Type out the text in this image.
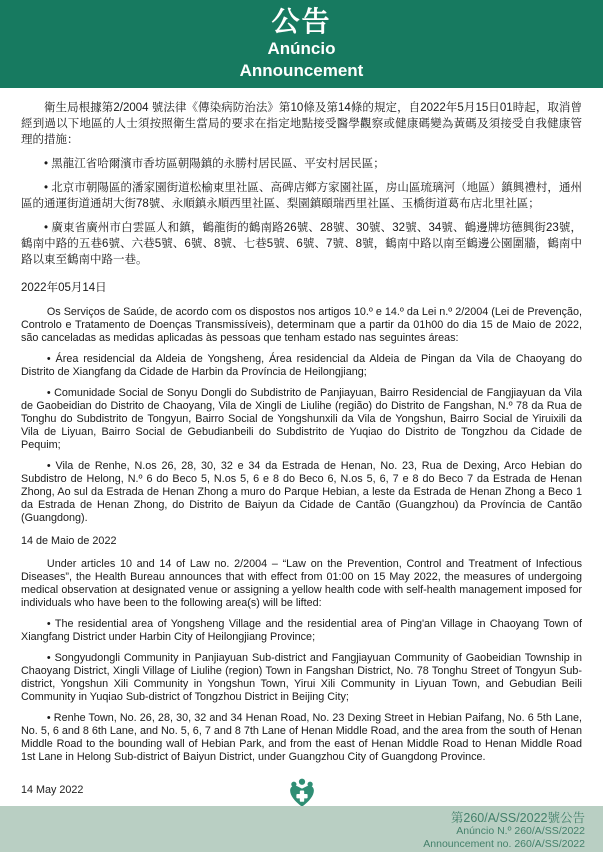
公告
Anúncio
Announcement

衛生局根據第2/2004 號法律《傳染病防治法》第10條及第14條的規定，自2022年5月15日01時起，取消曾經到過以下地區的人士須按照衛生當局的要求在指定地點接受醫學觀察或健康碼變為黃碼及須接受自我健康管理的措施：

• 黑龍江省哈爾濱市香坊區朝陽鎮的永勝村居民區、平安村居民區；

• 北京市朝陽區的潘家園街道松榆東里社區、高碑店鄉方家園社區，房山區琉璃河（地區）鎮興禮村，通州區的通運街道通胡大街78號、永順鎮永順西里社區、梨園鎮頤瑞西里社區、玉橋街道葛布店北里社區；

• 廣東省廣州市白雲區人和鎮，鶴龍街的鶴南路26號、28號、30號、32號、34號、鶴邊牌坊德興街23號，鶴南中路的五巷6號、六巷5號、6號、8號、七巷5號、6號、7號、8號，鶴南中路以南至鶴邊公園圍牆，鶴南中路以東至鶴南中路一巷。

2022年05月14日

Os Serviços de Saúde, de acordo com os dispostos nos artigos 10.º e 14.º da Lei n.º 2/2004 (Lei de Prevenção, Controlo e Tratamento de Doenças Transmissíveis), determinam que a partir da 01h00 do dia 15 de Maio de 2022, são canceladas as medidas aplicadas às pessoas que tenham estado nas seguintes áreas:

• Área residencial da Aldeia de Yongsheng, Área residencial da Aldeia de Pingan da Vila de Chaoyang do Distrito de Xiangfang da Cidade de Harbin da Província de Heilongjiang;

• Comunidade Social de Sonyu Dongli do Subdistrito de Panjiayuan, Bairro Residencial de Fangjiayuan da Vila de Gaobeidian do Distrito de Chaoyang, Vila de Xingli de Liulihe (região) do Distrito de Fangshan, N.º 78 da Rua de Tonghu do Subdistrito de Tongyun, Bairro Social de Yongshunxili da Vila de Yongshun, Bairro Social de Yiruixili da Vila de Liyuan, Bairro Social de Gebudianbeili do Subdistrito de Yuqiao do Distrito de Tongzhou da Cidade de Pequim;

• Vila de Renhe, N.os 26, 28, 30, 32 e 34 da Estrada de Henan, No. 23, Rua de Dexing, Arco Hebian do Subdistro de Helong, N.º 6 do Beco 5, N.os 5, 6 e 8 do Beco 6, N.os 5, 6, 7 e 8 do Beco 7 da Estrada de Henan Zhong, Ao sul da Estrada de Henan Zhong a muro do Parque Hebian, a leste da Estrada de Henan Zhong a Beco 1 da Estrada de Henan Zhong, do Distrito de Baiyun da Cidade de Cantão (Guangzhou) da Província de Cantão (Guangdong).

14 de Maio de 2022

Under articles 10 and 14 of Law no. 2/2004 – “Law on the Prevention, Control and Treatment of Infectious Diseases”, the Health Bureau announces that with effect from 01:00 on 15 May 2022, the measures of undergoing medical observation at designated venue or assigning a yellow health code with self-health management imposed for individuals who have been to the following area(s) will be lifted:

• The residential area of Yongsheng Village and the residential area of Ping'an Village in Chaoyang Town of Xiangfang District under Harbin City of Heilongjiang Province;

• Songyudongli Community in Panjiayuan Sub-district and Fangjiayuan Community of Gaobeidian Township in Chaoyang District, Xingli Village of Liulihe (region) Town in Fangshan District, No. 78 Tonghu Street of Tongyun Sub-district, Yongshun Xili Community in Yongshun Town, Yirui Xili Community in Liyuan Town, and Gebudian Beili Community in Yuqiao Sub-district of Tongzhou District in Beijing City;

• Renhe Town, No. 26, 28, 30, 32 and 34 Henan Road, No. 23 Dexing Street in Hebian Paifang, No. 6 5th Lane, No. 5, 6 and 8 6th Lane, and No. 5, 6, 7 and 8 7th Lane of Henan Middle Road, and the area from the south of Henan Middle Road to the bounding wall of Hebian Park, and from the east of Henan Middle Road to Henan Middle Road 1st Lane in Helong Sub-district of Baiyun District, under Guangzhou City of Guangdong Province.

14 May 2022

第260/A/SS/2022號公告
Anúncio N.º 260/A/SS/2022
Announcement no. 260/A/SS/2022
